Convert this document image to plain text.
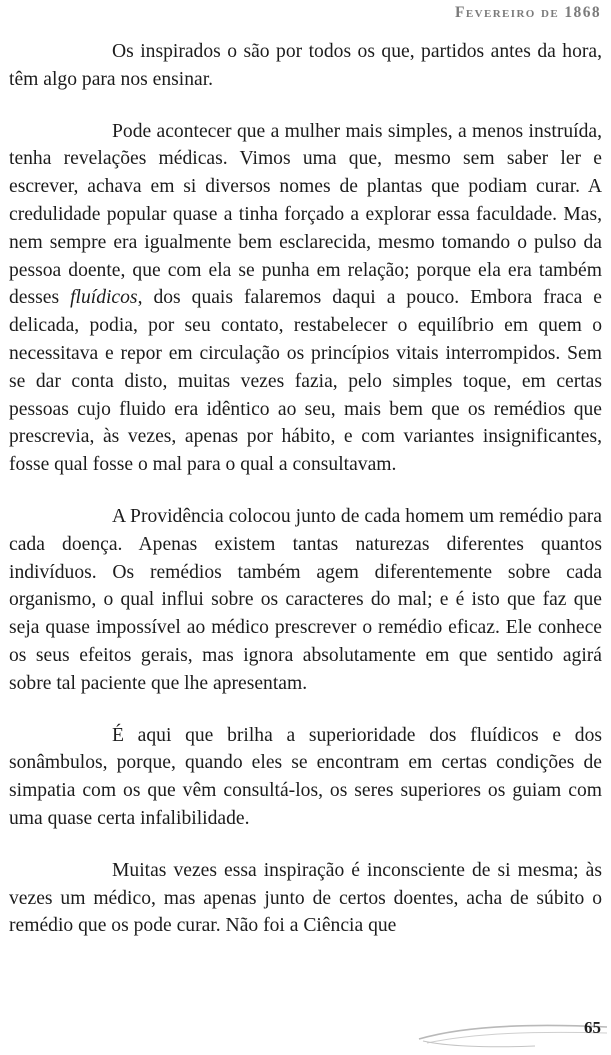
Fevereiro de 1868

Os inspirados o são por todos os que, partidos antes da hora, têm algo para nos ensinar.

Pode acontecer que a mulher mais simples, a menos instruída, tenha revelações médicas. Vimos uma que, mesmo sem saber ler e escrever, achava em si diversos nomes de plantas que podiam curar. A credulidade popular quase a tinha forçado a explorar essa faculdade. Mas, nem sempre era igualmente bem esclarecida, mesmo tomando o pulso da pessoa doente, que com ela se punha em relação; porque ela era também desses fluídicos, dos quais falaremos daqui a pouco. Embora fraca e delicada, podia, por seu contato, restabelecer o equilíbrio em quem o necessitava e repor em circulação os princípios vitais interrompidos. Sem se dar conta disto, muitas vezes fazia, pelo simples toque, em certas pessoas cujo fluido era idêntico ao seu, mais bem que os remédios que prescrevia, às vezes, apenas por hábito, e com variantes insignificantes, fosse qual fosse o mal para o qual a consultavam.

A Providência colocou junto de cada homem um remédio para cada doença. Apenas existem tantas naturezas diferentes quantos indivíduos. Os remédios também agem diferentemente sobre cada organismo, o qual influi sobre os caracteres do mal; e é isto que faz que seja quase impossível ao médico prescrever o remédio eficaz. Ele conhece os seus efeitos gerais, mas ignora absolutamente em que sentido agirá sobre tal paciente que lhe apresentam.

É aqui que brilha a superioridade dos fluídicos e dos sonâmbulos, porque, quando eles se encontram em certas condições de simpatia com os que vêm consultá-los, os seres superiores os guiam com uma quase certa infalibilidade.

Muitas vezes essa inspiração é inconsciente de si mesma; às vezes um médico, mas apenas junto de certos doentes, acha de súbito o remédio que os pode curar. Não foi a Ciência que

65
